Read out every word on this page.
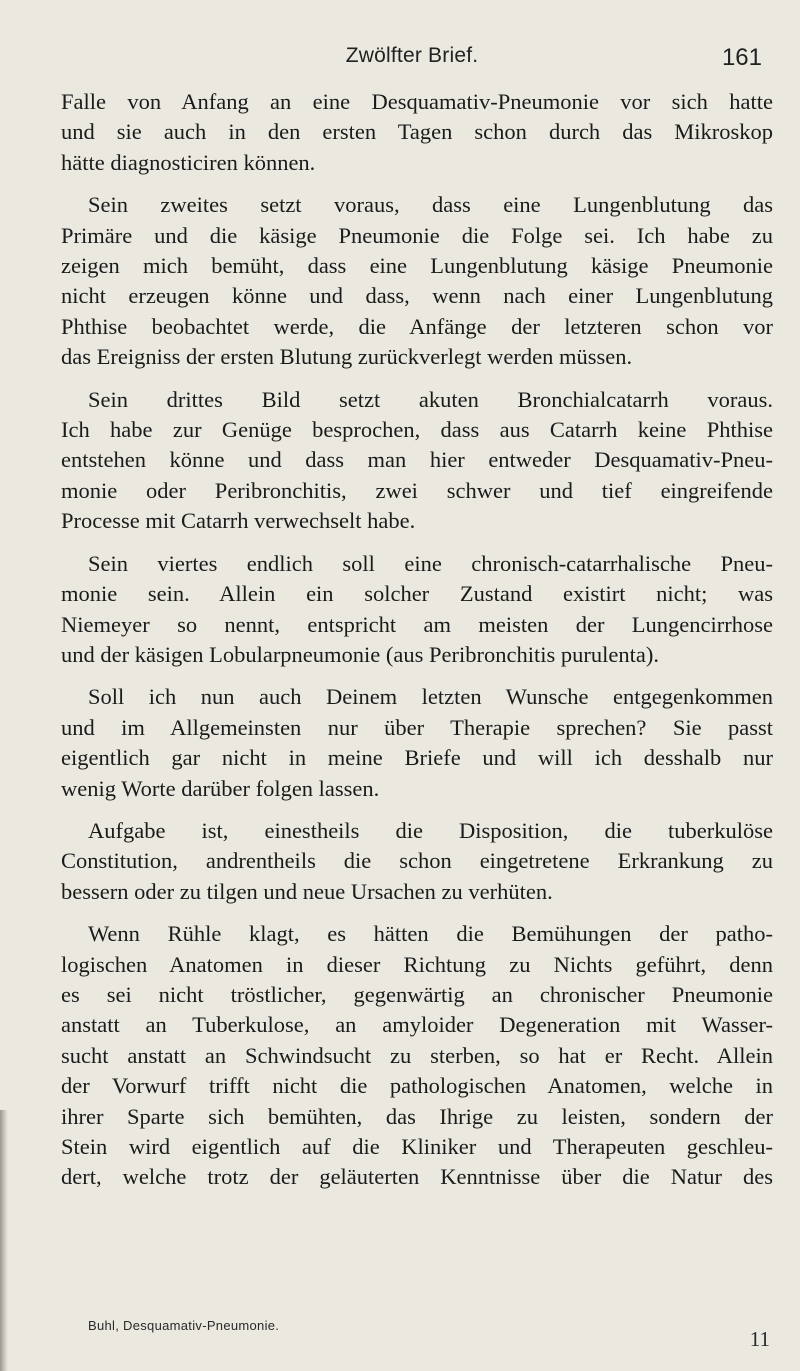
Zwölfter Brief.	161
Falle von Anfang an eine Desquamativ-Pneumonie vor sich hatte
und sie auch in den ersten Tagen schon durch das Mikroskop
hätte diagnosticiren können.
Sein zweites setzt voraus, dass eine Lungenblutung das
Primäre und die käsige Pneumonie die Folge sei. Ich habe zu
zeigen mich bemüht, dass eine Lungenblutung käsige Pneumonie
nicht erzeugen könne und dass, wenn nach einer Lungenblutung
Phthise beobachtet werde, die Anfänge der letzteren schon vor
das Ereigniss der ersten Blutung zurückverlegt werden müssen.
Sein drittes Bild setzt akuten Bronchialcatarrh voraus.
Ich habe zur Genüge besprochen, dass aus Catarrh keine Phthise
entstehen könne und dass man hier entweder Desquamativ-Pneu-
monie oder Peribronchitis, zwei schwer und tief eingreifende
Processe mit Catarrh verwechselt habe.
Sein viertes endlich soll eine chronisch-catarrhalische Pneu-
monie sein. Allein ein solcher Zustand existirt nicht; was
Niemeyer so nennt, entspricht am meisten der Lungencirrhose
und der käsigen Lobularpneumonie (aus Peribronchitis purulenta).
Soll ich nun auch Deinem letzten Wunsche entgegenkommen
und im Allgemeinsten nur über Therapie sprechen? Sie passt
eigentlich gar nicht in meine Briefe und will ich desshalb nur
wenig Worte darüber folgen lassen.
Aufgabe ist, einestheils die Disposition, die tuberkulöse
Constitution, andrentheils die schon eingetretene Erkrankung zu
bessern oder zu tilgen und neue Ursachen zu verhüten.
Wenn Rühle klagt, es hätten die Bemühungen der patho-
logischen Anatomen in dieser Richtung zu Nichts geführt, denn
es sei nicht tröstlicher, gegenwärtig an chronischer Pneumonie
anstatt an Tuberkulose, an amyloider Degeneration mit Wasser-
sucht anstatt an Schwindsucht zu sterben, so hat er Recht. Allein
der Vorwurf trifft nicht die pathologischen Anatomen, welche in
ihrer Sparte sich bemühten, das Ihrige zu leisten, sondern der
Stein wird eigentlich auf die Kliniker und Therapeuten geschleu-
dert, welche trotz der geläuterten Kenntnisse über die Natur des
Buhl, Desquamativ-Pneumonie.
11
